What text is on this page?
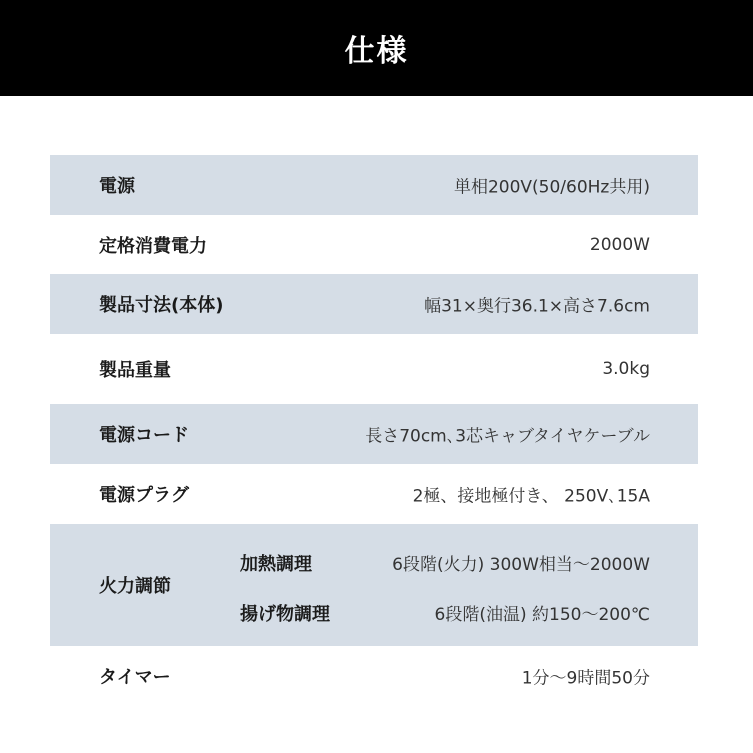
仕様
電源	単相200V(50/60Hz共用)
定格消費電力	2000W
製品寸法(本体)	幅31×奥行36.1×高さ7.6cm
製品重量	3.0kg
電源コード	長さ70cm､3芯キャブタイヤケーブル
電源プラグ	2極、接地極付き、 250V､15A
火力調節
加熱調理	6段階(火力) 300W相当～2000W
揚げ物調理	6段階(油温) 約150～200℃
タイマー	1分～9時間50分
